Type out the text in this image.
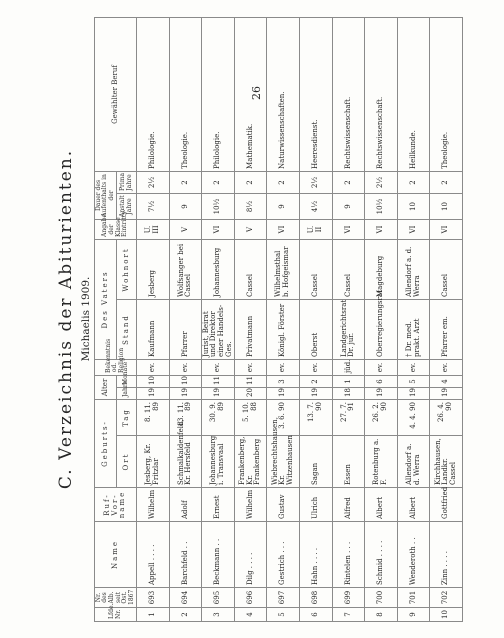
26
C. Verzeichnis der Abiturienten. Michaelis 1909.
Lfde. Nr.	Nr. des Alb. seit Ost. 1867	Name	Ruf- Vor- name	Geburts-		Alter		Bekenntnis od. Religion	Des Vaters		Angabe der Klasse Eintritts-	Dauer des Aufenthalts in der		Gewählter Beruf
				Ort	Tag	Jahre	Monate		Stand	Wohnort		Anstalt
Jahre	Prima
Jahre	
1	693	Appell . . . .	Wilhelm	Jesberg, Kr. Fritzlar	8. 11. 89	19	10	ev.	Kaufmann	Jesberg	U. III	7½	2½	Philologie.
2	694	Barchfeld . .	Adolf	Schmalkaldenfeld, Kr. Hersfeld	13. 11. 89	19	10	ev.	Pfarrer	Wolfsanger bei Cassel	V	9	2	Theologie.
3	695	Beckmann . .	Ernest	Johannesburg i. Transvaal	30. 9. 89	19	11	ev.	Jurist, Beirat und Direktor einer Handels-Ges.	Johannesburg	VI	10½	2	Philologie.
4	696	Dilg . . . .	Wilhelm	Frankenberg, Kr. Frankenberg	5. 10. 88	20	11	ev.	Privatmann	Cassel	V	8½	2	Mathematik.
5	697	Gestrich . . .	Gustav	Wiebrechtshausen, Kr. Witzenhausen	3. 6. 90	19	3	ev.	Königl. Förster	Wilhelmsthal b. Hofgeismar	VI	9	2	Naturwissenschaften.
6	698	Hahn . . . .	Ulrich	Sagan	13. 7. 90	19	2	ev.	Oberst	Cassel	U. II	4½	2½	Heeresdienst.
7	699	Rintelen . . .	Alfred	Essen	27. 7. 91	18	1	jüd.	Landgerichtsrat Dr. jur.	Cassel	VI	9	2	Rechtswissenschaft.
8	700	Schmid . . . .	Albert	Rotenburg a. F.	26. 2. 90	19	6	ev.	Oberregierungsrat	Magdeburg	VI	10½	2½	Rechtswissenschaft.
9	701	Wenderoth . .	Albert	Allendorf a. d. Werra	4. 4. 90	19	5	ev.	† Dr. med. prakt. Arzt	Allendorf a. d. Werra	VI	10	2	Heilkunde.
10	702	Zinn . . . .	Gottfried	Kirchhausen, Landkr. Cassel	26. 4. 90	19	4	ev.	Pfarrer em.	Cassel	VI	10	2	Theologie.
